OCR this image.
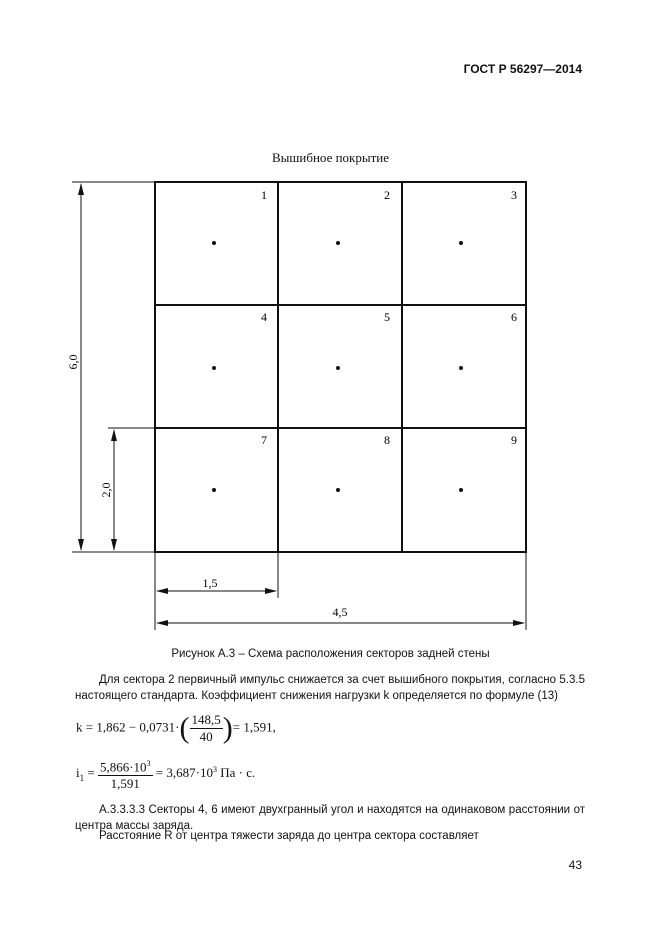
ГОСТ Р 56297—2014
Вышибное покрытие
1	2	3
4	5	6
7	8	9
6,0
2,0
1,5
4,5
Рисунок А.3 – Схема расположения секторов задней стены
Для сектора 2 первичный импульс снижается за счет вышибного покрытия, согласно 5.3.5 настоящего стандарта. Коэффициент снижения нагрузки k определяется по формуле (13)
$k = 1,862 - 0,0731\cdot( \frac{148,5}{40}$ )= 1,591,
$i_1 = \frac{5,866\cdot 10^3}{1,591} = 3,687\cdot 10^3$ Па · с.
А.3.3.3.3 Секторы 4, 6 имеют двухгранный угол и находятся на одинаковом расстоянии от центра массы заряда.
Расстояние R от центра тяжести заряда до центра сектора составляет
43
